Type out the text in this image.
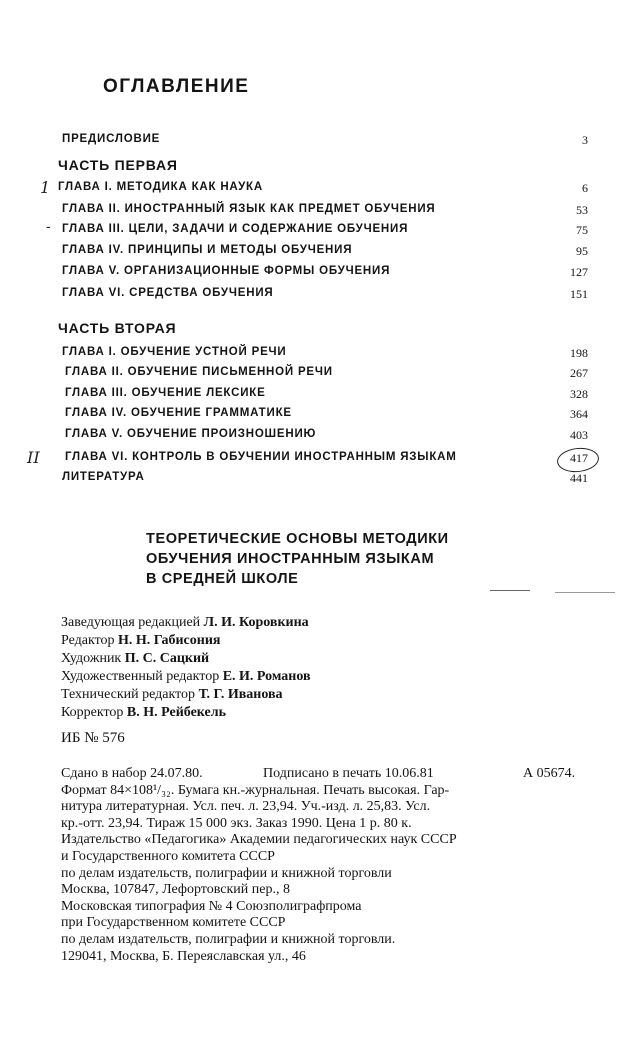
ОГЛАВЛЕНИЕ
ПРЕДИСЛОВИЕ	3
ЧАСТЬ ПЕРВАЯ
ГЛАВА I. МЕТОДИКА КАК НАУКА	6
ГЛАВА II. ИНОСТРАННЫЙ ЯЗЫК КАК ПРЕДМЕТ ОБУЧЕНИЯ	53
ГЛАВА III. ЦЕЛИ, ЗАДАЧИ И СОДЕРЖАНИЕ ОБУЧЕНИЯ	75
ГЛАВА IV. ПРИНЦИПЫ И МЕТОДЫ ОБУЧЕНИЯ	95
ГЛАВА V. ОРГАНИЗАЦИОННЫЕ ФОРМЫ ОБУЧЕНИЯ	127
ГЛАВА VI. СРЕДСТВА ОБУЧЕНИЯ	151
ЧАСТЬ ВТОРАЯ
ГЛАВА I. ОБУЧЕНИЕ УСТНОЙ РЕЧИ	198
ГЛАВА II. ОБУЧЕНИЕ ПИСЬМЕННОЙ РЕЧИ	267
ГЛАВА III. ОБУЧЕНИЕ ЛЕКСИКЕ	328
ГЛАВА IV. ОБУЧЕНИЕ ГРАММАТИКЕ	364
ГЛАВА V. ОБУЧЕНИЕ ПРОИЗНОШЕНИЮ	403
ГЛАВА VI. КОНТРОЛЬ В ОБУЧЕНИИ ИНОСТРАННЫМ ЯЗЫКАМ	417
ЛИТЕРАТУРА	441
1
-
II
ТЕОРЕТИЧЕСКИЕ ОСНОВЫ МЕТОДИКИ
ОБУЧЕНИЯ ИНОСТРАННЫМ ЯЗЫКАМ
В СРЕДНЕЙ ШКОЛЕ
Заведующая редакцией Л. И. Коровкина
Редактор Н. Н. Габисония
Художник П. С. Сацкий
Художественный редактор Е. И. Романов
Технический редактор Т. Г. Иванова
Корректор В. Н. Рейбекель
ИБ № 576
Сдано в набор 24.07.80.	Подписано в печать 10.06.81	А 05674.
Формат 84×108¹/₃₂. Бумага кн.-журнальная. Печать высокая. Гар-
нитура литературная. Усл. печ. л. 23,94. Уч.-изд. л. 25,83. Усл.
кр.-отт. 23,94. Тираж 15 000 экз. Заказ 1990. Цена 1 р. 80 к.
Издательство «Педагогика» Академии педагогических наук СССР
и Государственного комитета СССР
по делам издательств, полиграфии и книжной торговли
Москва, 107847, Лефортовский пер., 8
Московская типография № 4 Союзполиграфпрома
при Государственном комитете СССР
по делам издательств, полиграфии и книжной торговли.
129041, Москва, Б. Переяславская ул., 46
